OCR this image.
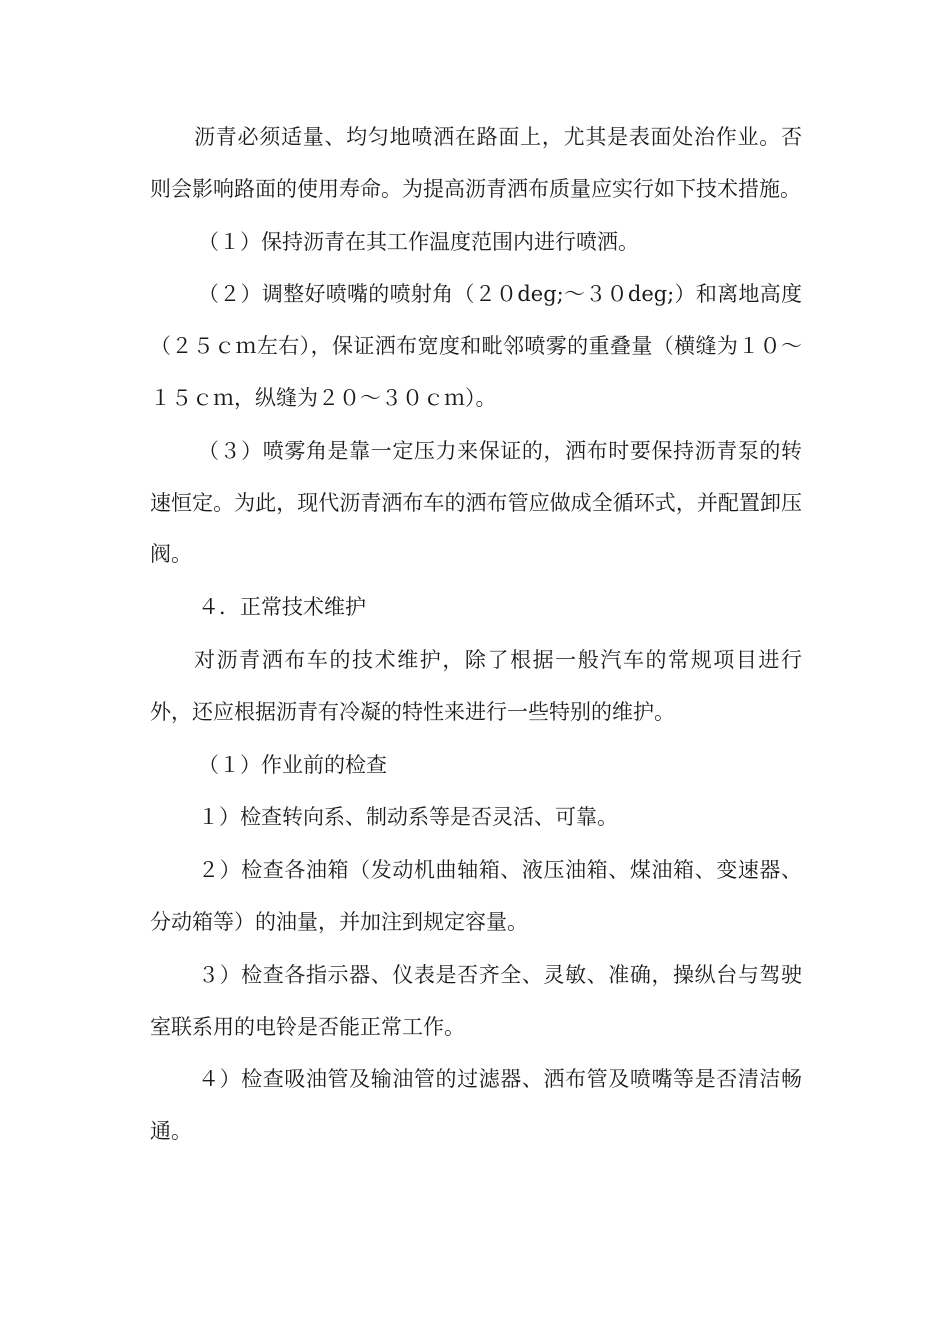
沥青必须适量、均匀地喷洒在路面上，尤其是表面处治作业。否则会影响路面的使用寿命。为提高沥青洒布质量应实行如下技术措施。

（１）保持沥青在其工作温度范围内进行喷洒。

（２）调整好喷嘴的喷射角（２０deg;～３０deg;）和离地高度（２５ｃｍ左右），保证洒布宽度和毗邻喷雾的重叠量（横缝为１０～１５ｃｍ，纵缝为２０～３０ｃｍ）。

（３）喷雾角是靠一定压力来保证的，洒布时要保持沥青泵的转速恒定。为此，现代沥青洒布车的洒布管应做成全循环式，并配置卸压阀。

４．正常技术维护

对沥青洒布车的技术维护，除了根据一般汽车的常规项目进行外，还应根据沥青有冷凝的特性来进行一些特别的维护。

（１）作业前的检查

１）检查转向系、制动系等是否灵活、可靠。

２）检查各油箱（发动机曲轴箱、液压油箱、煤油箱、变速器、分动箱等）的油量，并加注到规定容量。

３）检查各指示器、仪表是否齐全、灵敏、准确，操纵台与驾驶室联系用的电铃是否能正常工作。

４）检查吸油管及输油管的过滤器、洒布管及喷嘴等是否清洁畅通。
